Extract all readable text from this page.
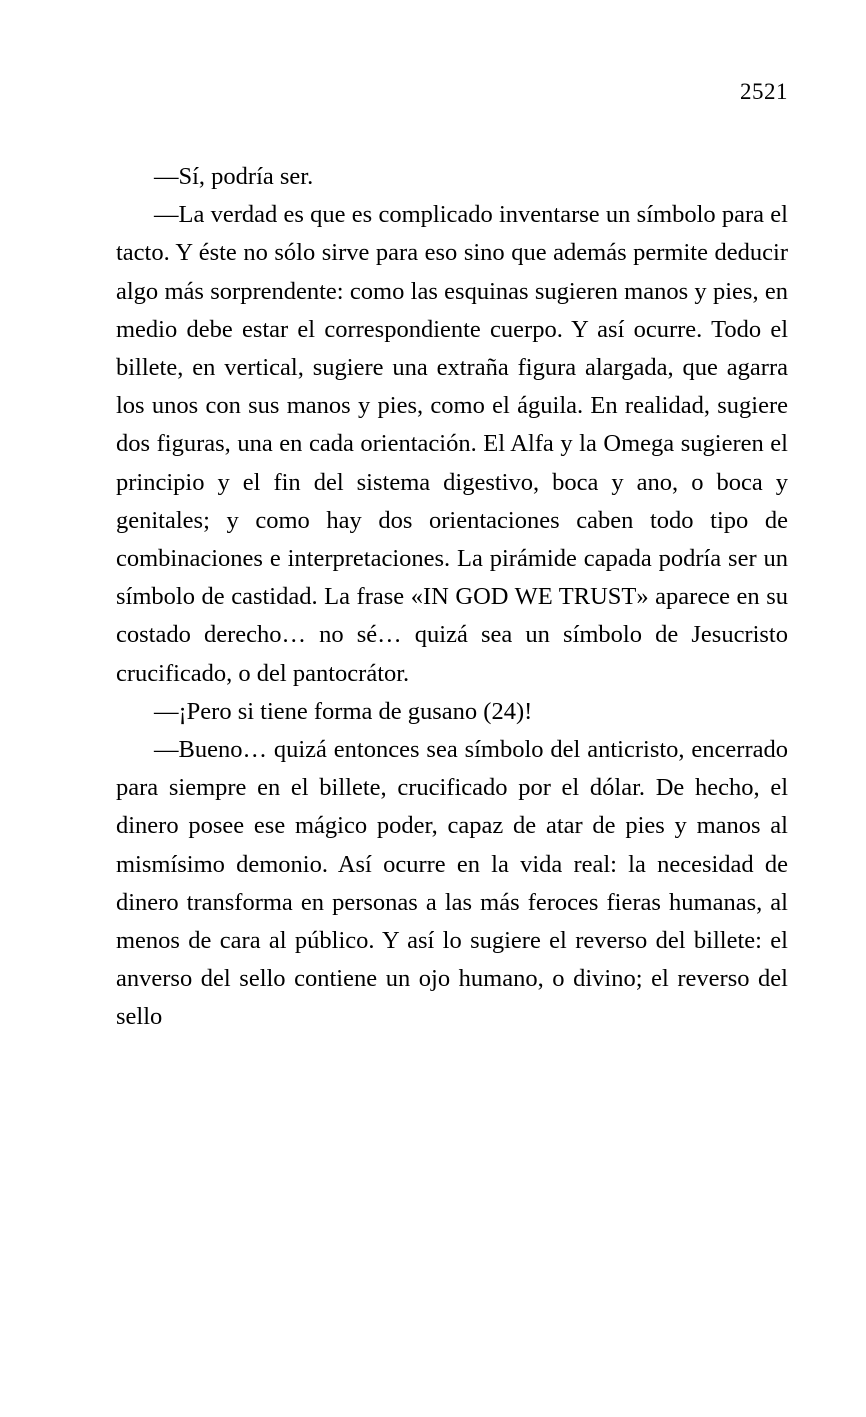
2521

—Sí, podría ser.

—La verdad es que es complicado inventarse un símbolo para el tacto. Y éste no sólo sirve para eso sino que además permite deducir algo más sorprendente: como las esquinas sugieren manos y pies, en medio debe estar el correspondiente cuerpo. Y así ocurre. Todo el billete, en vertical, sugiere una extraña figura alargada, que agarra los unos con sus manos y pies, como el águila. En realidad, sugiere dos figuras, una en cada orientación. El Alfa y la Omega sugieren el principio y el fin del sistema digestivo, boca y ano, o boca y genitales; y como hay dos orientaciones caben todo tipo de combinaciones e interpretaciones. La pirámide capada podría ser un símbolo de castidad. La frase «IN GOD WE TRUST» aparece en su costado derecho… no sé… quizá sea un símbolo de Jesucristo crucificado, o del pantocrátor.

—¡Pero si tiene forma de gusano (24)!

—Bueno… quizá entonces sea símbolo del anticristo, encerrado para siempre en el billete, crucificado por el dólar. De hecho, el dinero posee ese mágico poder, capaz de atar de pies y manos al mismísimo demonio. Así ocurre en la vida real: la necesidad de dinero transforma en personas a las más feroces fieras humanas, al menos de cara al público. Y así lo sugiere el reverso del billete: el anverso del sello contiene un ojo humano, o divino; el reverso del sello
